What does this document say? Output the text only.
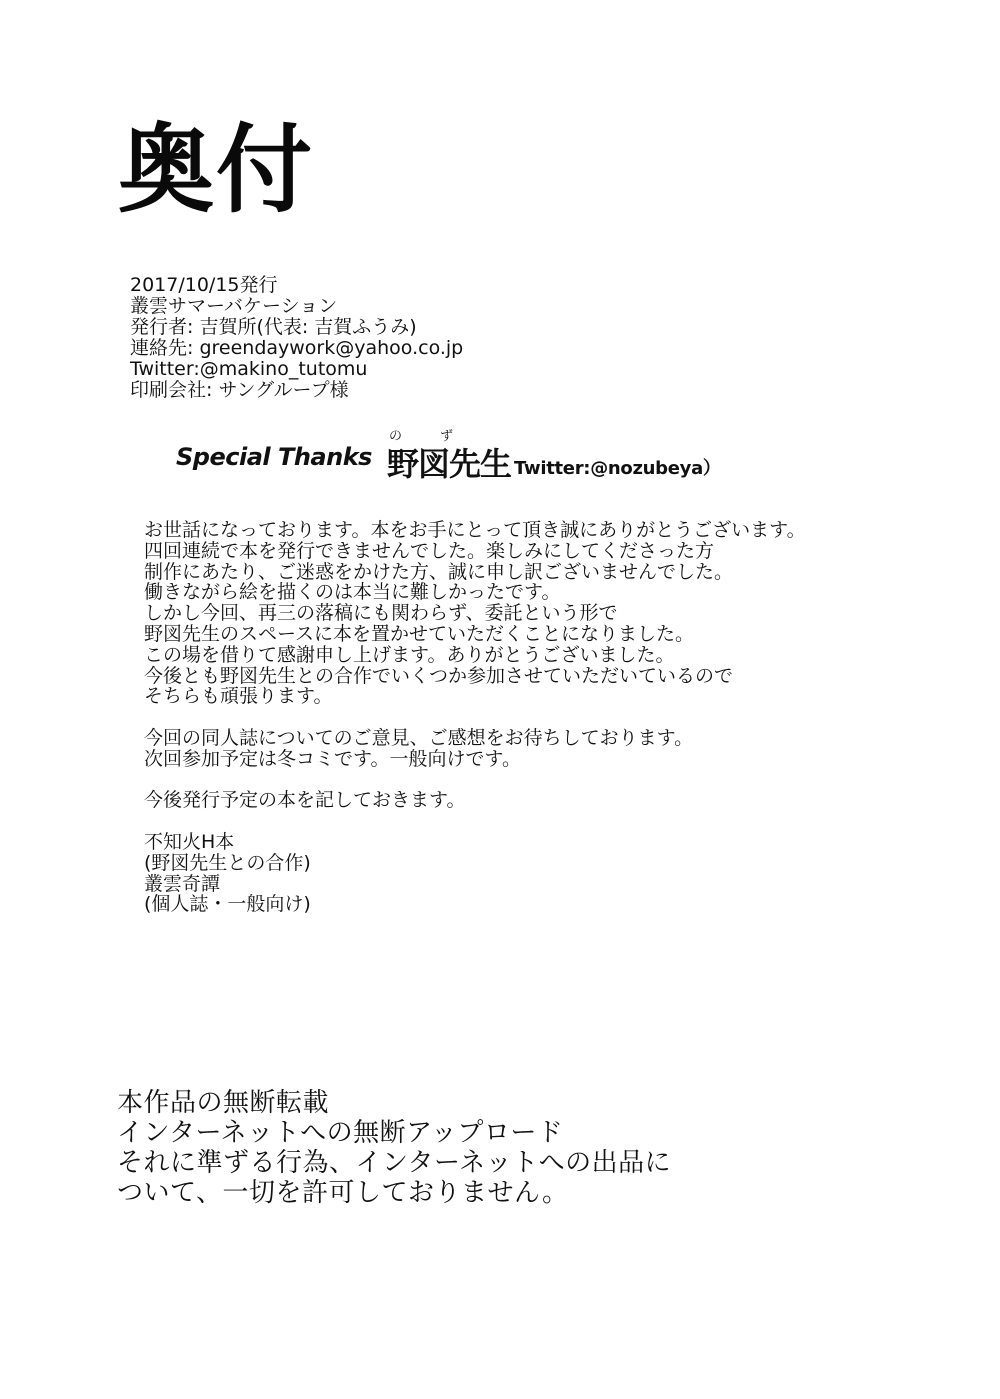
奥付
2017/10/15発行
叢雲サマーバケーション
発行者: 吉賀所(代表: 吉賀ふうみ)
連絡先: greendaywork@yahoo.co.jp
Twitter:@makino_tutomu
印刷会社: サングループ様
Special Thanks
の	ず
野図先生 Twitter:@nozubeya）
お世話になっております。本をお手にとって頂き誠にありがとうございます。
四回連続で本を発行できませんでした。楽しみにしてくださった方
制作にあたり、ご迷惑をかけた方、誠に申し訳ございませんでした。
働きながら絵を描くのは本当に難しかったです。
しかし今回、再三の落稿にも関わらず、委託という形で
野図先生のスペースに本を置かせていただくことになりました。
この場を借りて感謝申し上げます。ありがとうございました。
今後とも野図先生との合作でいくつか参加させていただいているので
そちらも頑張ります。
今回の同人誌についてのご意見、ご感想をお待ちしております。
次回参加予定は冬コミです。一般向けです。
今後発行予定の本を記しておきます。
不知火H本
(野図先生との合作)
叢雲奇譚
(個人誌・一般向け)
本作品の無断転載
インターネットへの無断アップロード
それに準ずる行為、インターネットへの出品に
ついて、一切を許可しておりません。
